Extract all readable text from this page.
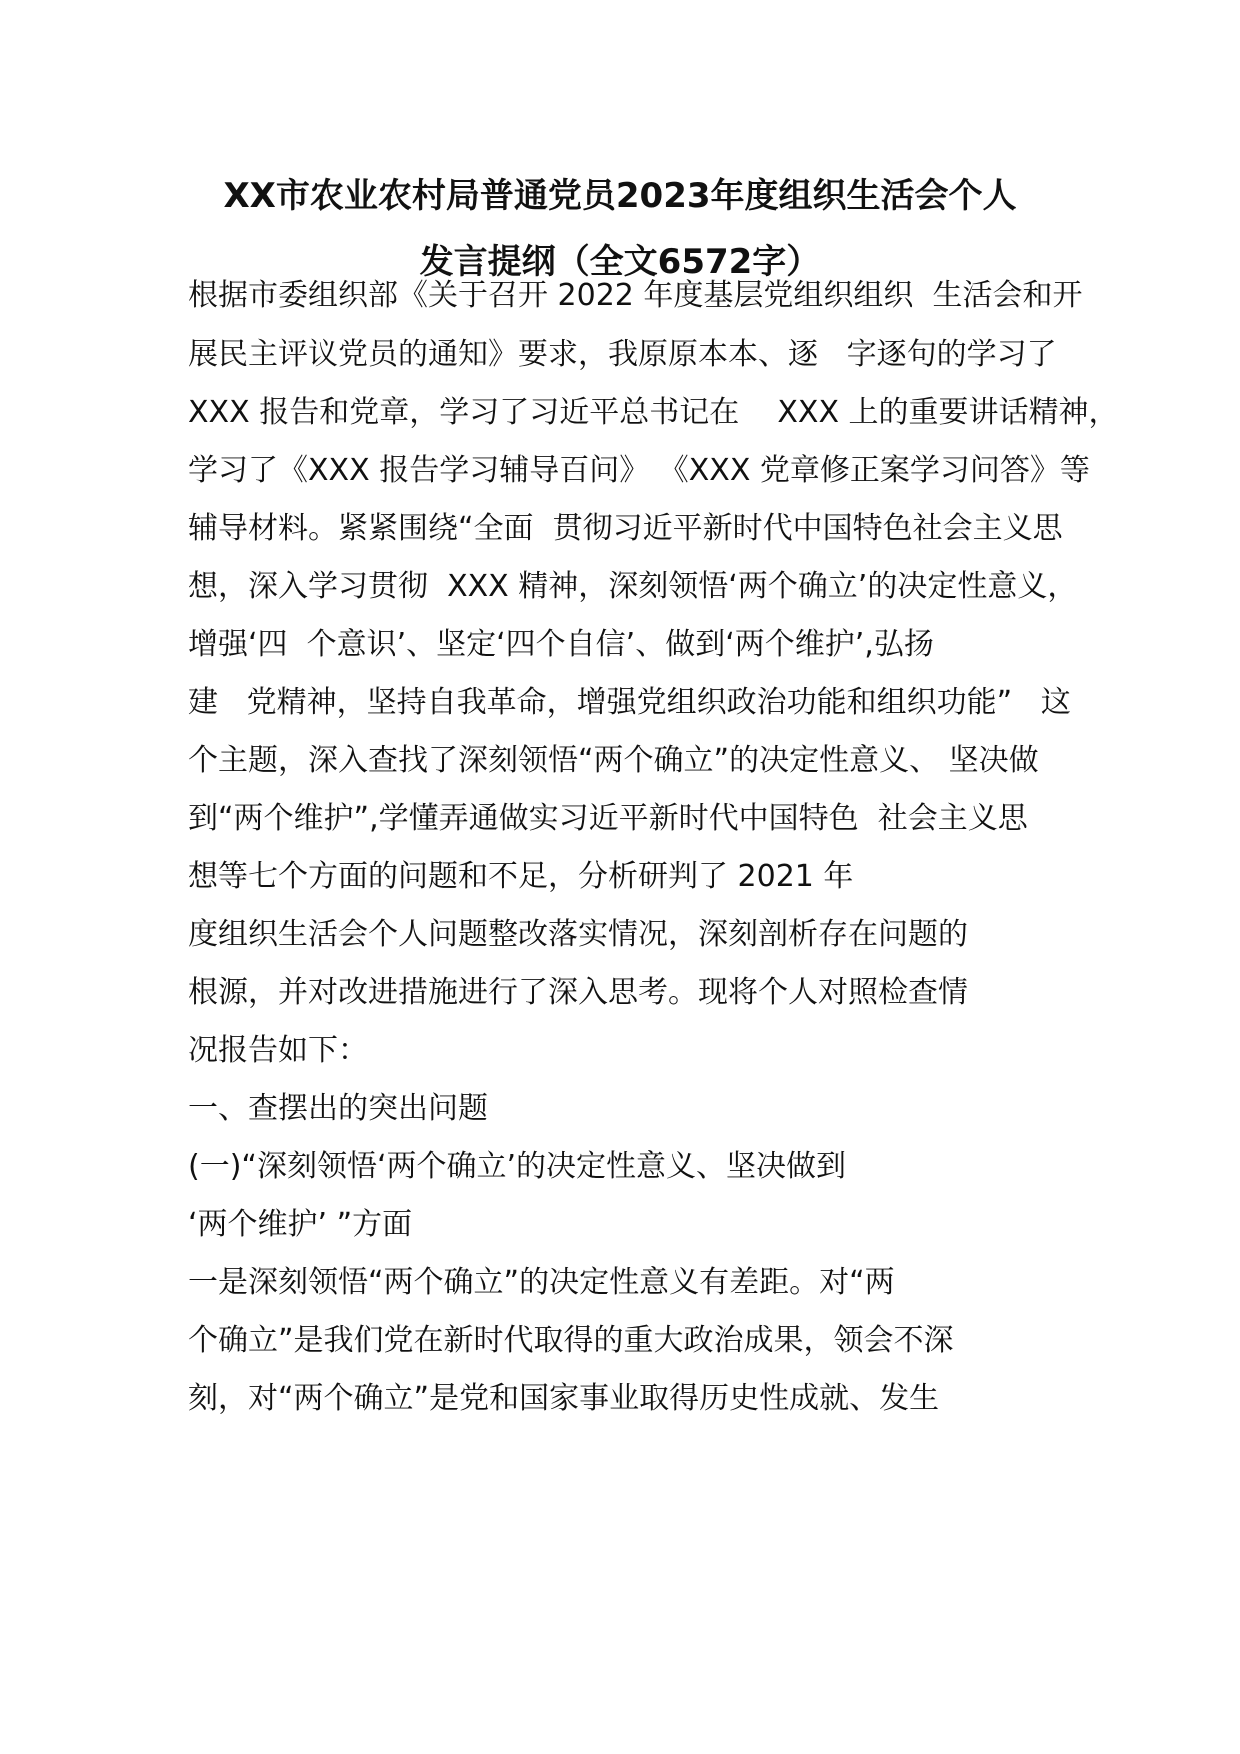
XX市农业农村局普通党员2023年度组织生活会个人
发言提纲（全文6572字）
根据市委组织部《关于召开 2022 年度基层党组织组织  生活会和开
展民主评议党员的通知》要求，我原原本本、逐   字逐句的学习了
XXX 报告和党章，学习了习近平总书记在    XXX 上的重要讲话精神，
学习了《XXX 报告学习辅导百问》 《XXX 党章修正案学习问答》等
辅导材料。紧紧围绕“全面  贯彻习近平新时代中国特色社会主义思
想，深入学习贯彻  XXX 精神，深刻领悟‘两个确立’的决定性意义，
增强‘四  个意识’、坚定‘四个自信’、做到‘两个维护’,弘扬
建   党精神，坚持自我革命，增强党组织政治功能和组织功能”   这
个主题，深入查找了深刻领悟“两个确立”的决定性意义、 坚决做
到“两个维护”,学懂弄通做实习近平新时代中国特色  社会主义思
想等七个方面的问题和不足，分析研判了 2021 年
度组织生活会个人问题整改落实情况，深刻剖析存在问题的
根源，并对改进措施进行了深入思考。现将个人对照检查情
况报告如下：
一、查摆出的突出问题
(一)“深刻领悟‘两个确立’的决定性意义、坚决做到
‘两个维护’ ”方面
一是深刻领悟“两个确立”的决定性意义有差距。对“两
个确立”是我们党在新时代取得的重大政治成果，领会不深
刻，对“两个确立”是党和国家事业取得历史性成就、发生
